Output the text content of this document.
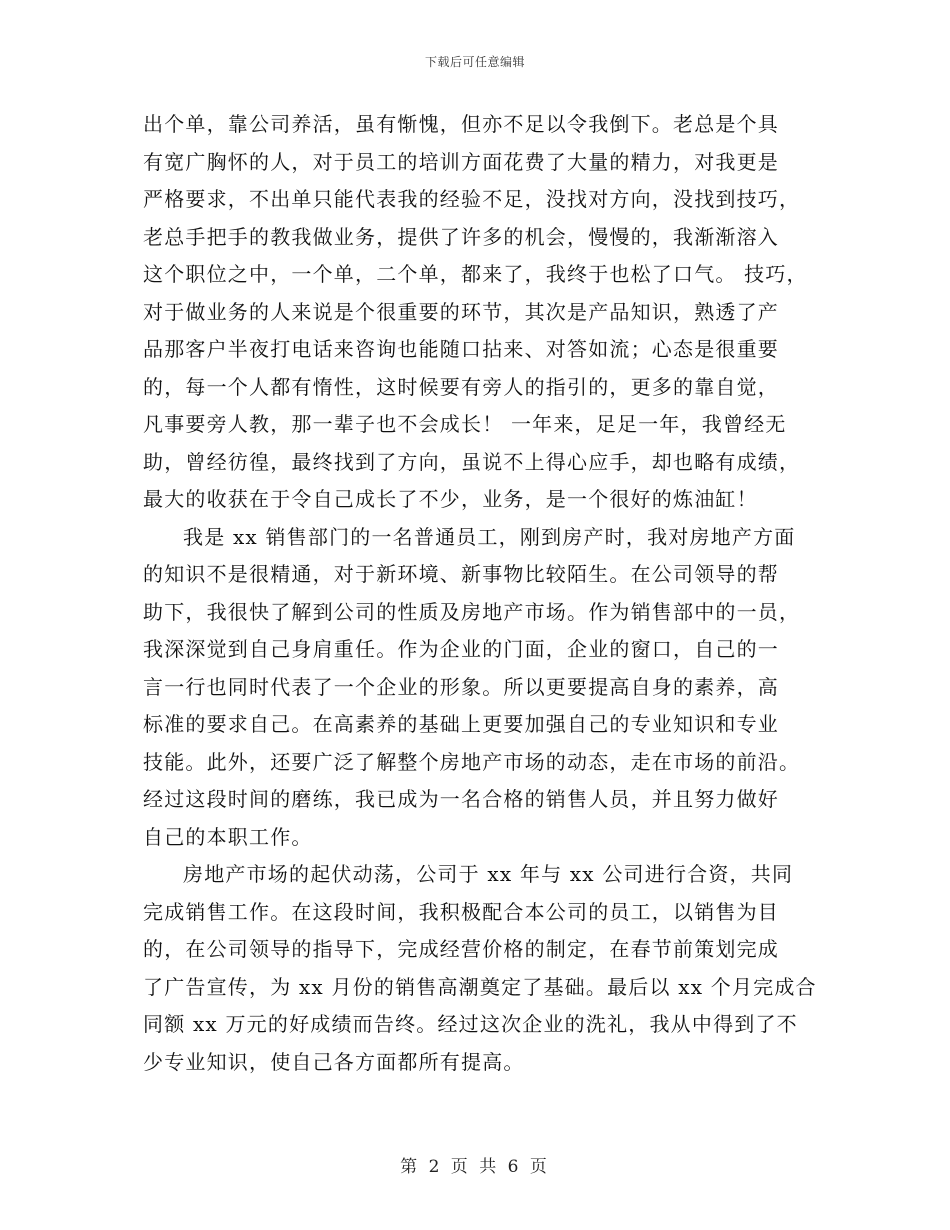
下载后可任意编辑
出个单，靠公司养活，虽有惭愧，但亦不足以令我倒下。老总是个具
有宽广胸怀的人，对于员工的培训方面花费了大量的精力，对我更是
严格要求，不出单只能代表我的经验不足，没找对方向，没找到技巧，
老总手把手的教我做业务，提供了许多的机会，慢慢的，我渐渐溶入
这个职位之中，一个单，二个单，都来了，我终于也松了口气。 技巧，
对于做业务的人来说是个很重要的环节，其次是产品知识，熟透了产
品那客户半夜打电话来咨询也能随口拈来、对答如流；心态是很重要
的，每一个人都有惰性，这时候要有旁人的指引的，更多的靠自觉，
凡事要旁人教，那一辈子也不会成长！ 一年来，足足一年，我曾经无
助，曾经彷徨，最终找到了方向，虽说不上得心应手，却也略有成绩，
最大的收获在于令自己成长了不少，业务，是一个很好的炼油缸！
我是 xx 销售部门的一名普通员工，刚到房产时，我对房地产方面
的知识不是很精通，对于新环境、新事物比较陌生。在公司领导的帮
助下，我很快了解到公司的性质及房地产市场。作为销售部中的一员，
我深深觉到自己身肩重任。作为企业的门面，企业的窗口，自己的一
言一行也同时代表了一个企业的形象。所以更要提高自身的素养，高
标准的要求自己。在高素养的基础上更要加强自己的专业知识和专业
技能。此外，还要广泛了解整个房地产市场的动态，走在市场的前沿。
经过这段时间的磨练，我已成为一名合格的销售人员，并且努力做好
自己的本职工作。
房地产市场的起伏动荡，公司于 xx 年与 xx 公司进行合资，共同
完成销售工作。在这段时间，我积极配合本公司的员工，以销售为目
的，在公司领导的指导下，完成经营价格的制定，在春节前策划完成
了广告宣传，为 xx 月份的销售高潮奠定了基础。最后以 xx 个月完成合
同额 xx 万元的好成绩而告终。经过这次企业的洗礼，我从中得到了不
少专业知识，使自己各方面都所有提高。
第 2 页 共 6 页
